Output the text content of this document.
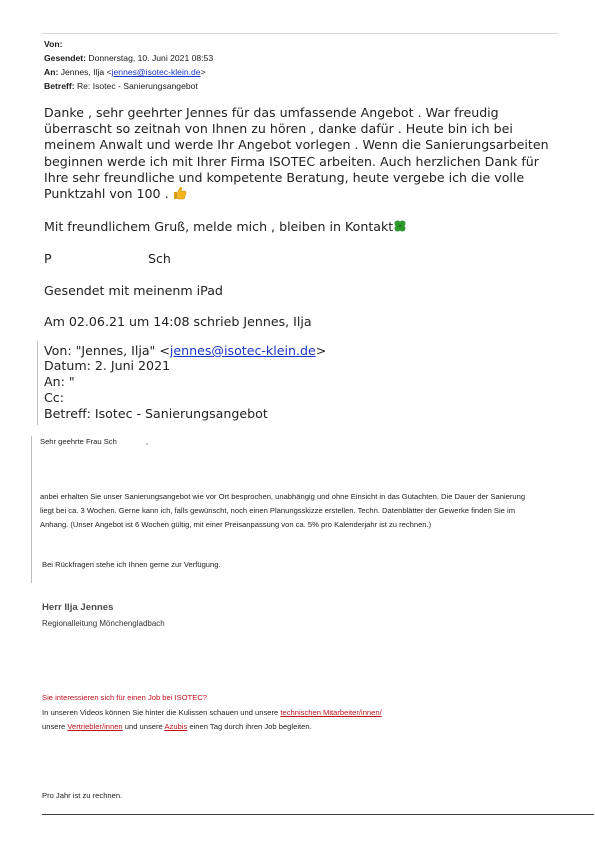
Von:
Gesendet: Donnerstag, 10. Juni 2021 08:53
An: Jennes, Ilja <jennes@isotec-klein.de>
Betreff: Re: Isotec - Sanierungsangebot
Danke , sehr geehrter Jennes für das umfassende Angebot . War freudig überrascht so zeitnah von Ihnen zu hören , danke dafür . Heute bin ich bei meinem Anwalt und werde Ihr Angebot vorlegen . Wenn die Sanierungsarbeiten beginnen werde ich mit Ihrer Firma ISOTEC arbeiten. Auch herzlichen Dank für Ihre sehr freundliche und kompetente Beratung, heute vergebe ich die volle Punktzahl von 100 .
Mit freundlichem Gruß, melde mich , bleiben in Kontakt
P	Sch
Gesendet mit meinenm iPad
Am 02.06.21 um 14:08 schrieb Jennes, Ilja
Von: "Jennes, Ilja" <jennes@isotec-klein.de>
Datum: 2. Juni 2021
An: "
Cc:
Betreff: Isotec - Sanierungsangebot
Sehr geehrte Frau Sch	,
anbei erhalten Sie unser Sanierungsangebot wie vor Ort besprochen, unabhängig und ohne Einsicht in das Gutachten. Die Dauer der Sanierung liegt bei ca. 3 Wochen. Gerne kann ich, falls gewünscht, noch einen Planungsskizze erstellen. Techn. Datenblätter der Gewerke finden Sie im Anhang. (Unser Angebot ist 6 Wochen gültig, mit einer Preisanpassung von ca. 5% pro Kalenderjahr ist zu rechnen.)
Bei Rückfragen stehe ich Ihnen gerne zur Verfügung.
Herr Ilja Jennes
Regionalleitung Mönchengladbach
Sie interessieren sich für einen Job bei ISOTEC?
In unseren Videos können Sie hinter die Kulissen schauen und unsere technischen Mitarbeiter/innen/
unsere Vertriebler/innen und unsere Azubis einen Tag durch ihren Job begleiten.
Pro Jahr ist zu rechnen.
